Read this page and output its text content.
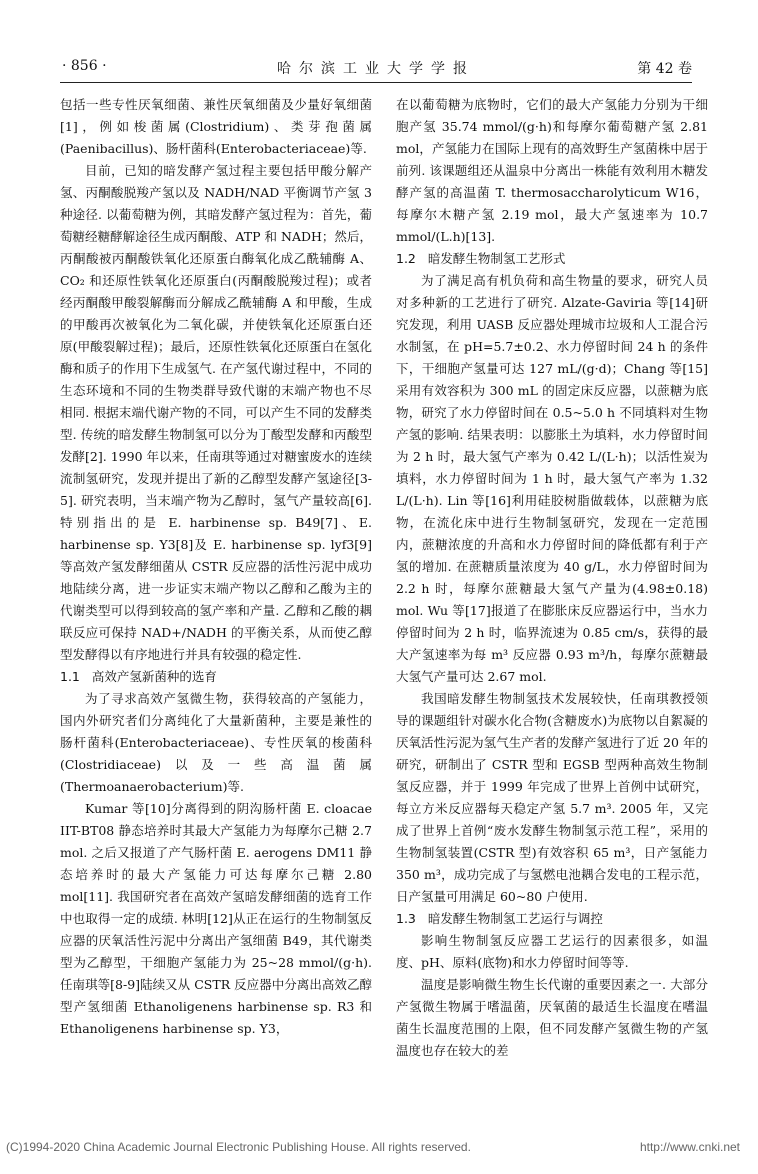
· 856 ·	哈尔滨工业大学学报	第 42 卷

包括一些专性厌氧细菌、兼性厌氧细菌及少量好氧细菌[1]，例如梭菌属(Clostridium)、类芽孢菌属(Paenibacillus)、肠杆菌科(Enterobacteriaceae)等.

目前，已知的暗发酵产氢过程主要包括甲酸分解产氢、丙酮酸脱羧产氢以及 NADH/NAD 平衡调节产氢 3 种途径. 以葡萄糖为例，其暗发酵产氢过程为：首先，葡萄糖经糖酵解途径生成丙酮酸、ATP 和 NADH；然后，丙酮酸被丙酮酸铁氧化还原蛋白酶氧化成乙酰辅酶 A、CO₂ 和还原性铁氧化还原蛋白(丙酮酸脱羧过程)；或者经丙酮酸甲酸裂解酶而分解成乙酰辅酶 A 和甲酸，生成的甲酸再次被氧化为二氧化碳，并使铁氧化还原蛋白还原(甲酸裂解过程)；最后，还原性铁氧化还原蛋白在氢化酶和质子的作用下生成氢气. 在产氢代谢过程中，不同的生态环境和不同的生物类群导致代谢的末端产物也不尽相同. 根据末端代谢产物的不同，可以产生不同的发酵类型. 传统的暗发酵生物制氢可以分为丁酸型发酵和丙酸型发酵[2]. 1990 年以来，任南琪等通过对糖蜜废水的连续流制氢研究，发现并提出了新的乙醇型发酵产氢途径[3-5]. 研究表明，当末端产物为乙醇时，氢气产量较高[6]. 特别指出的是 E. harbinense sp. B49[7]、E. harbinense sp. Y3[8]及 E. harbinense sp. lyf3[9]等高效产氢发酵细菌从 CSTR 反应器的活性污泥中成功地陆续分离，进一步证实末端产物以乙醇和乙酸为主的代谢类型可以得到较高的氢产率和产量. 乙醇和乙酸的耦联反应可保持 NAD+/NADH 的平衡关系，从而使乙醇型发酵得以有序地进行并具有较强的稳定性.

1.1 高效产氢新菌种的选育

为了寻求高效产氢微生物，获得较高的产氢能力，国内外研究者们分离纯化了大量新菌种，主要是兼性的肠杆菌科(Enterobacteriaceae)、专性厌氧的梭菌科(Clostridiaceae)以及一些高温菌属(Thermoanaerobacterium)等.

Kumar 等[10]分离得到的阴沟肠杆菌 E. cloacae IIT-BT08 静态培养时其最大产氢能力为每摩尔己糖 2.7 mol. 之后又报道了产气肠杆菌 E. aerogens DM11 静态培养时的最大产氢能力可达每摩尔己糖 2.80 mol[11]. 我国研究者在高效产氢暗发酵细菌的选育工作中也取得一定的成绩. 林明[12]从正在运行的生物制氢反应器的厌氧活性污泥中分离出产氢细菌 B49，其代谢类型为乙醇型，干细胞产氢能力为 25~28 mmol/(g·h). 任南琪等[8-9]陆续又从 CSTR 反应器中分离出高效乙醇型产氢细菌 Ethanoligenens harbinense sp. R3 和 Ethanoligenens harbinense sp. Y3，

在以葡萄糖为底物时，它们的最大产氢能力分别为干细胞产氢 35.74 mmol/(g·h)和每摩尔葡萄糖产氢 2.81 mol，产氢能力在国际上现有的高效野生产氢菌株中居于前列. 该课题组还从温泉中分离出一株能有效利用木糖发酵产氢的高温菌 T. thermosaccharolyticum W16，每摩尔木糖产氢 2.19 mol，最大产氢速率为 10.7 mmol/(L.h)[13].

1.2 暗发酵生物制氢工艺形式

为了满足高有机负荷和高生物量的要求，研究人员对多种新的工艺进行了研究. Alzate-Gaviria 等[14]研究发现，利用 UASB 反应器处理城市垃圾和人工混合污水制氢，在 pH=5.7±0.2、水力停留时间 24 h 的条件下，干细胞产氢量可达 127 mL/(g·d)；Chang 等[15]采用有效容积为 300 mL 的固定床反应器，以蔗糖为底物，研究了水力停留时间在 0.5~5.0 h 不同填料对生物产氢的影响. 结果表明：以膨胀土为填料，水力停留时间为 2 h 时，最大氢气产率为 0.42 L/(L·h)；以活性炭为填料，水力停留时间为 1 h 时，最大氢气产率为 1.32 L/(L·h). Lin 等[16]利用硅胶树脂做载体，以蔗糖为底物，在流化床中进行生物制氢研究，发现在一定范围内，蔗糖浓度的升高和水力停留时间的降低都有利于产氢的增加. 在蔗糖质量浓度为 40 g/L，水力停留时间为 2.2 h 时，每摩尔蔗糖最大氢气产量为(4.98±0.18) mol. Wu 等[17]报道了在膨胀床反应器运行中，当水力停留时间为 2 h 时，临界流速为 0.85 cm/s，获得的最大产氢速率为每 m³ 反应器 0.93 m³/h，每摩尔蔗糖最大氢气产量可达 2.67 mol.

我国暗发酵生物制氢技术发展较快，任南琪教授领导的课题组针对碳水化合物(含糖废水)为底物以自絮凝的厌氧活性污泥为氢气生产者的发酵产氢进行了近 20 年的研究，研制出了 CSTR 型和 EGSB 型两种高效生物制氢反应器，并于 1999 年完成了世界上首例中试研究，每立方米反应器每天稳定产氢 5.7 m³. 2005 年，又完成了世界上首例“废水发酵生物制氢示范工程”，采用的生物制氢装置(CSTR 型)有效容积 65 m³，日产氢能力 350 m³，成功完成了与氢燃电池耦合发电的工程示范，日产氢量可用满足 60~80 户使用.

1.3 暗发酵生物制氢工艺运行与调控

影响生物制氢反应器工艺运行的因素很多，如温度、pH、原料(底物)和水力停留时间等等.

温度是影响微生物生长代谢的重要因素之一. 大部分产氢微生物属于嗜温菌，厌氧菌的最适生长温度在嗜温菌生长温度范围的上限，但不同发酵产氢微生物的产氢温度也存在较大的差

(C)1994-2020 China Academic Journal Electronic Publishing House. All rights reserved.	http://www.cnki.net
